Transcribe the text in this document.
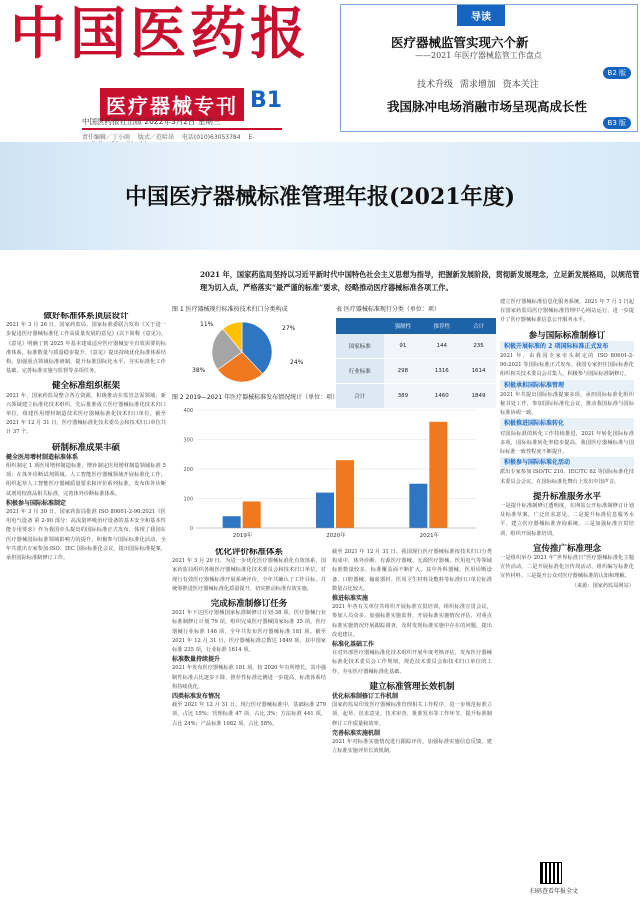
中国医药报
医疗器械专刊 B1
中国医药报社出版 2022年3月2日 星期三
责任编辑／丁小雨 版式／范哈昂 电话(010)63053784 E-
导读
医疗器械监管实现六个新
——2021 年医疗器械监管工作盘点
B2 版
技术升级 需求增加 资本关注
我国脉冲电场消融市场呈现高成长性
B3 版
中国医疗器械标准管理年报(2021年度)
2021 年，国家药监局坚持以习近平新时代中国特色社会主义思想为指导，把握新发展阶段，贯彻新发展理念，立足新发展格局，以规范管理为切入点，严格落实“最严谨的标准”要求，经略推动医疗器械标准各项工作。
做好标准体系顶层设计
2021 年 3 月 26 日，国家药监局、国家标准委联合发布《关于进一步促进医疗器械标准化工作高质量发展的意见》(以下简称《意见》)。《意见》明确了到 2025 年基本建成适应医疗器械安全有效需要的标准体系，标准数量与质量稳步提升。《意见》提出持续优化标准体系结构，加强重点领域标准研制，提升标准国际化水平，夯实标准化工作基础，完善标准实施与监督等多项任务。
健全标准组织框架
2021 年，国家药监局整合各方资源，积极推动在监管急需领域、新兴领域建立标准化技术组织，先后批准成立医疗器械标准化技术归口单位，组建医用增材制造技术医疗器械标准化技术归口单位。截至 2021 年 12 月 31 日，医疗器械标准化技术委员会和技术归口单位共计 37 个。
研制标准成果丰硕
健全医用增材制造标准体系
组织制定 1 项医用增材制造标准，增补制定医用增材制造领域标准 5 项；在体外诊断试剂领域、人工智能医疗器械领域开展标准化工作，组织起草人工智能医疗器械质量要求和评价系列标准，发布体外诊断试剂用校准品相关标准，完善体外诊断标准体系。
积极参与国际标准制定
2021 年 3 月 30 日，国家药监局批准 ISO 80601-2-90:2021《医用电气设备 第 2-90 部分：高流量呼吸治疗设备的基本安全和基本性能专用要求》作为我国牵头提出的国际标准正式发布，体现了我国在医疗器械国际标准领域影响力的提升。积极参与国际标准化活动，全年共派出专家参加 ISO、IEC 国际标准化会议，提出国际标准提案，承担国际标准制修订工作。
图 1 医疗器械现行标准按技术归口分类构成
27%
24%
38%
11%
表 医疗器械标准现行分类（单位：项）
	强制性	推荐性	合计
国家标准	91	144	235
行业标准	298	1316	1614
合计	389	1460	1849
图 2 2019—2021 年医疗器械标准发布情况统计（单位：项）
0
100
200
300
400
2019年	2020年	2021年
优化评价标准体系
2021 年 3 月 29 日，为进一步优化医疗器械标准化有效体系，国家药监局组织各级医疗器械标准化技术委员会和技术归口单位，对现行有效医疗器械标准开展系统评价，全年共确认了工作目标，并统筹推进医疗器械标准化质量提升，切实推动标准有效实施。
完成标准制修订任务
2021 年下达医疗器械国家标准制修订计划 38 项，医疗器械行业标准制修订计划 79 项。组织完成医疗器械国家标准 35 项，医疗器械行业标准 146 项，全年共发布医疗器械标准 181 项。截至 2021 年 12 月 31 日，医疗器械标准总数达 1849 项，其中国家标准 235 项，行业标准 1614 项。
标准数量持续提升
2021 年发布医疗器械标准 181 项，较 2020 年有所增长。其中强制性标准占比逐步下降，推荐性标准比例进一步提高，标准体系结构持续优化。
四类标准发布情况
截至 2021 年 12 月 31 日，现行医疗器械标准中，基础标准 279 项，占比 15%；管理标准 47 项，占比 3%；方法标准 441 项，占比 24%；产品标准 1082 项，占比 58%。
截至 2021 年 12 月 31 日，我国现行医疗器械标准按技术归口分类构成中，体外诊断、有源医疗器械、无源医疗器械、医用电气等领域标准数量较多，标准覆盖面不断扩大。其中外科器械、医用诊断设备、口腔器械、输血器材、医用卫生材料及敷料等标准归口单位标准数量占比较大。
推进标准实施
2021 年各有关单位共组织开展标准宣贯培训，组织标准宣贯会议，参加人员众多。加强标准实施监督，开展标准实施情况评估，对重点标准实施情况开展跟踪调查，及时发现标准实施中存在的问题，提出改进建议。
标准化基础工作
在对外部医疗器械标准化技术组织开展年度考核评估，发布医疗器械标准化技术委员会工作规则，规范技术委员会和技术归口单位的工作，夯实医疗器械标准化基础。
建立标准管理长效机制
优化标准制修订工作机制
国家药监局印发医疗器械标准管理相关工作程序，进一步规范标准立项、起草、征求意见、技术审查、批准发布等工作环节，提升标准制修订工作质量和效率。
完善标准实施机制
2021 年对标准实施情况进行跟踪评价，加强标准实施信息反馈，建立标准实施评价长效机制。
建立医疗器械标准信息化服务系统。2021 年 7 月 1 日起在国家药监局医疗器械标准管理中心网站运行，进一步提升了医疗器械标准信息公开服务水平。
参与国际标准制修订
积极开展标准的 2 项国际标准正式发布
2021 年，由我国专家牵头制定的 ISO 80601-2-90:2021 等国际标准正式发布。我国专家担任国际标准化组织相关技术委员会召集人，积极参与国际标准制修订。
积极承担国际标准管理
2021 年共提出国际标准提案多项，承担国际标准化组织秘书处工作，参加国际标准化会议，推动我国标准与国际标准协调一致。
积极推进国际标准转化
对国际标准的转化工作持续推进，2021 年转化国际标准多项，国际标准转化率稳步提高，我国医疗器械标准与国际标准一致性程度不断提升。
积极参与国际标准化活动
派出专家参加 ISO/TC 210、IEC/TC 62 等国际标准化技术委员会会议，在国际标准化舞台上发出中国声音。
提升标准服务水平
一是提升标准制修订透明度，在网站公开标准制修订计划及标准草案，广泛征求意见。二是提升标准信息服务水平，建立医疗器械标准查询系统。三是加强标准宣贯培训，组织开展标准培训。
宣传推广标准理念
一是组织举办 2021 年“世界标准日”医疗器械标准化主题宣传活动。二是开展标准化宣传周活动，组织编写标准化宣传材料。三是提升公众对医疗器械标准的认知和理解。
（来源：国家药监局网站）
扫码查看年报全文
